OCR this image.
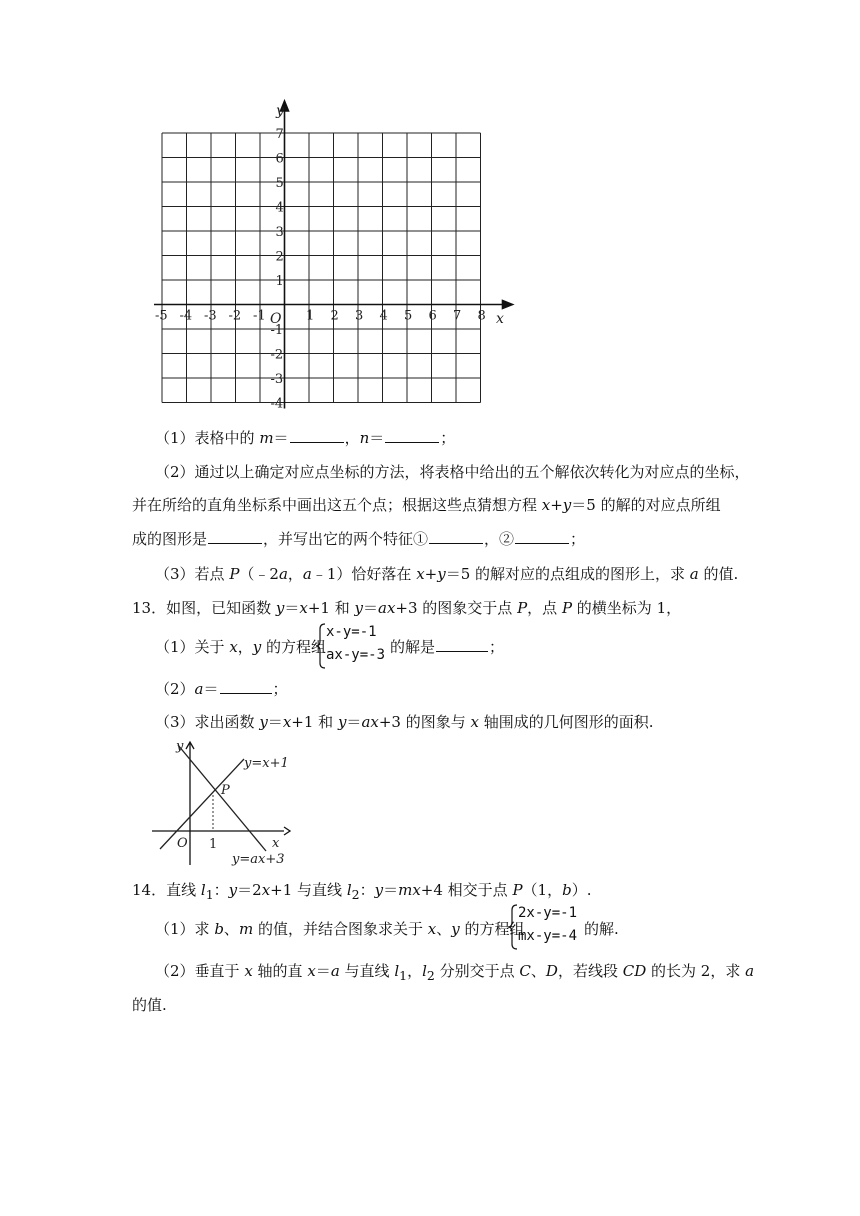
-5 -4 -3 -2 -1	1 2 3 4 5 6 7 8
7
6
5
4
3
2
1
-1
-2
-3
-4
O	x
y
（1）表格中的 m＝	，n＝	；
（2）通过以上确定对应点坐标的方法，将表格中给出的五个解依次转化为对应点的坐标，
并在所给的直角坐标系中画出这五个点；根据这些点猜想方程 x+y＝5 的解的对应点所组
成的图形是	，并写出它的两个特征①	，②	；
（3）若点 P（﹣2a，a﹣1）恰好落在 x+y＝5 的解对应的点组成的图形上，求 a 的值.
13．如图，已知函数 y＝x+1 和 y＝ax+3 的图象交于点 P，点 P 的横坐标为 1，
（1）关于 x，y 的方程组
x-y=-1
ax-y=-3 的解是	；
（2）a＝	；
（3）求出函数 y＝x+1 和 y＝ax+3 的图象与 x 轴围成的几何图形的面积.
y
x
O 1
P
y=x+1
y=ax+3
14．直线 $l_1$：y＝2x+1 与直线 $l_2$：y＝mx+4 相交于点 P（1，b）.
（1）求 b、m 的值，并结合图象求关于 x、y 的方程组
2x-y=-1
mx-y=-4 的解.
（2）垂直于 x 轴的直 x＝a 与直线 $l_1$，$l_2$ 分别交于点 C、D，若线段 CD 的长为 2，求 a
的值.
